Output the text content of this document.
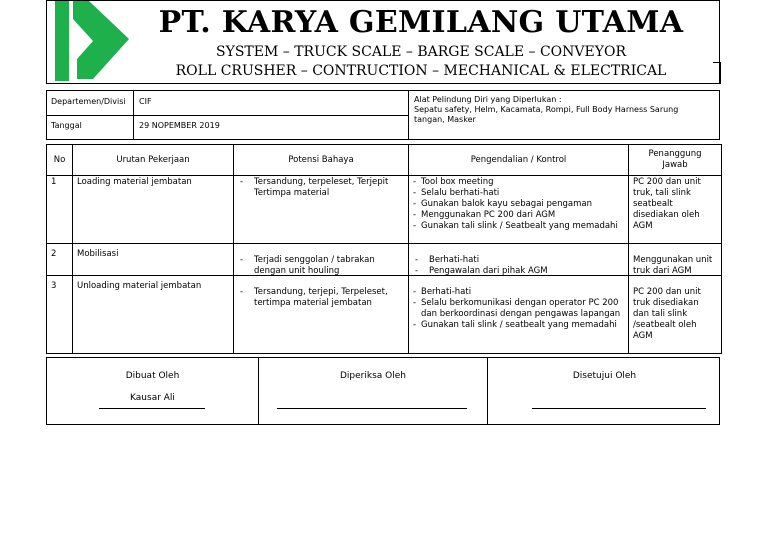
PT. KARYA GEMILANG UTAMA
SYSTEM – TRUCK SCALE – BARGE SCALE – CONVEYOR
ROLL CRUSHER – CONTRUCTION – MECHANICAL & ELECTRICAL
Departemen/Divisi	CIF
Tanggal	29 NOPEMBER 2019
Alat Pelindung Diri yang Diperlukan :
Sepatu safety, Helm, Kacamata, Rompi, Full Body Harness Sarung tangan, Masker
No	Urutan Pekerjaan	Potensi Bahaya	Pengendalian / Kontrol
Penanggung Jawab
1	Loading material jembatan
-	Tersandung, terpeleset, Terjepit Tertimpa material
- Tool box meeting
- Selalu berhati-hati
- Gunakan balok kayu sebagai pengaman
- Menggunakan PC 200 dari AGM
- Gunakan tali slink / Seatbealt yang memadahi
PC 200 dan unit truk, tali slink seatbealt disediakan oleh AGM
2	Mobilisasi
- Terjadi senggolan / tabrakan dengan unit houling
- Berhati-hati
- Pengawalan dari pihak AGM
Menggunakan unit truk dari AGM
3	Unloading material jembatan
- Tersandung, terjepi, Terpeleset, tertimpa material jembatan
- Berhati-hati
- Selalu berkomunikasi dengan operator PC 200 dan berkoordinasi dengan pengawas lapangan
- Gunakan tali slink / seatbealt yang memadahi
PC 200 dan unit truk disediakan dan tali slink /seatbealt oleh AGM
Dibuat Oleh
Kausar Ali
Diperiksa Oleh	Disetujui Oleh
